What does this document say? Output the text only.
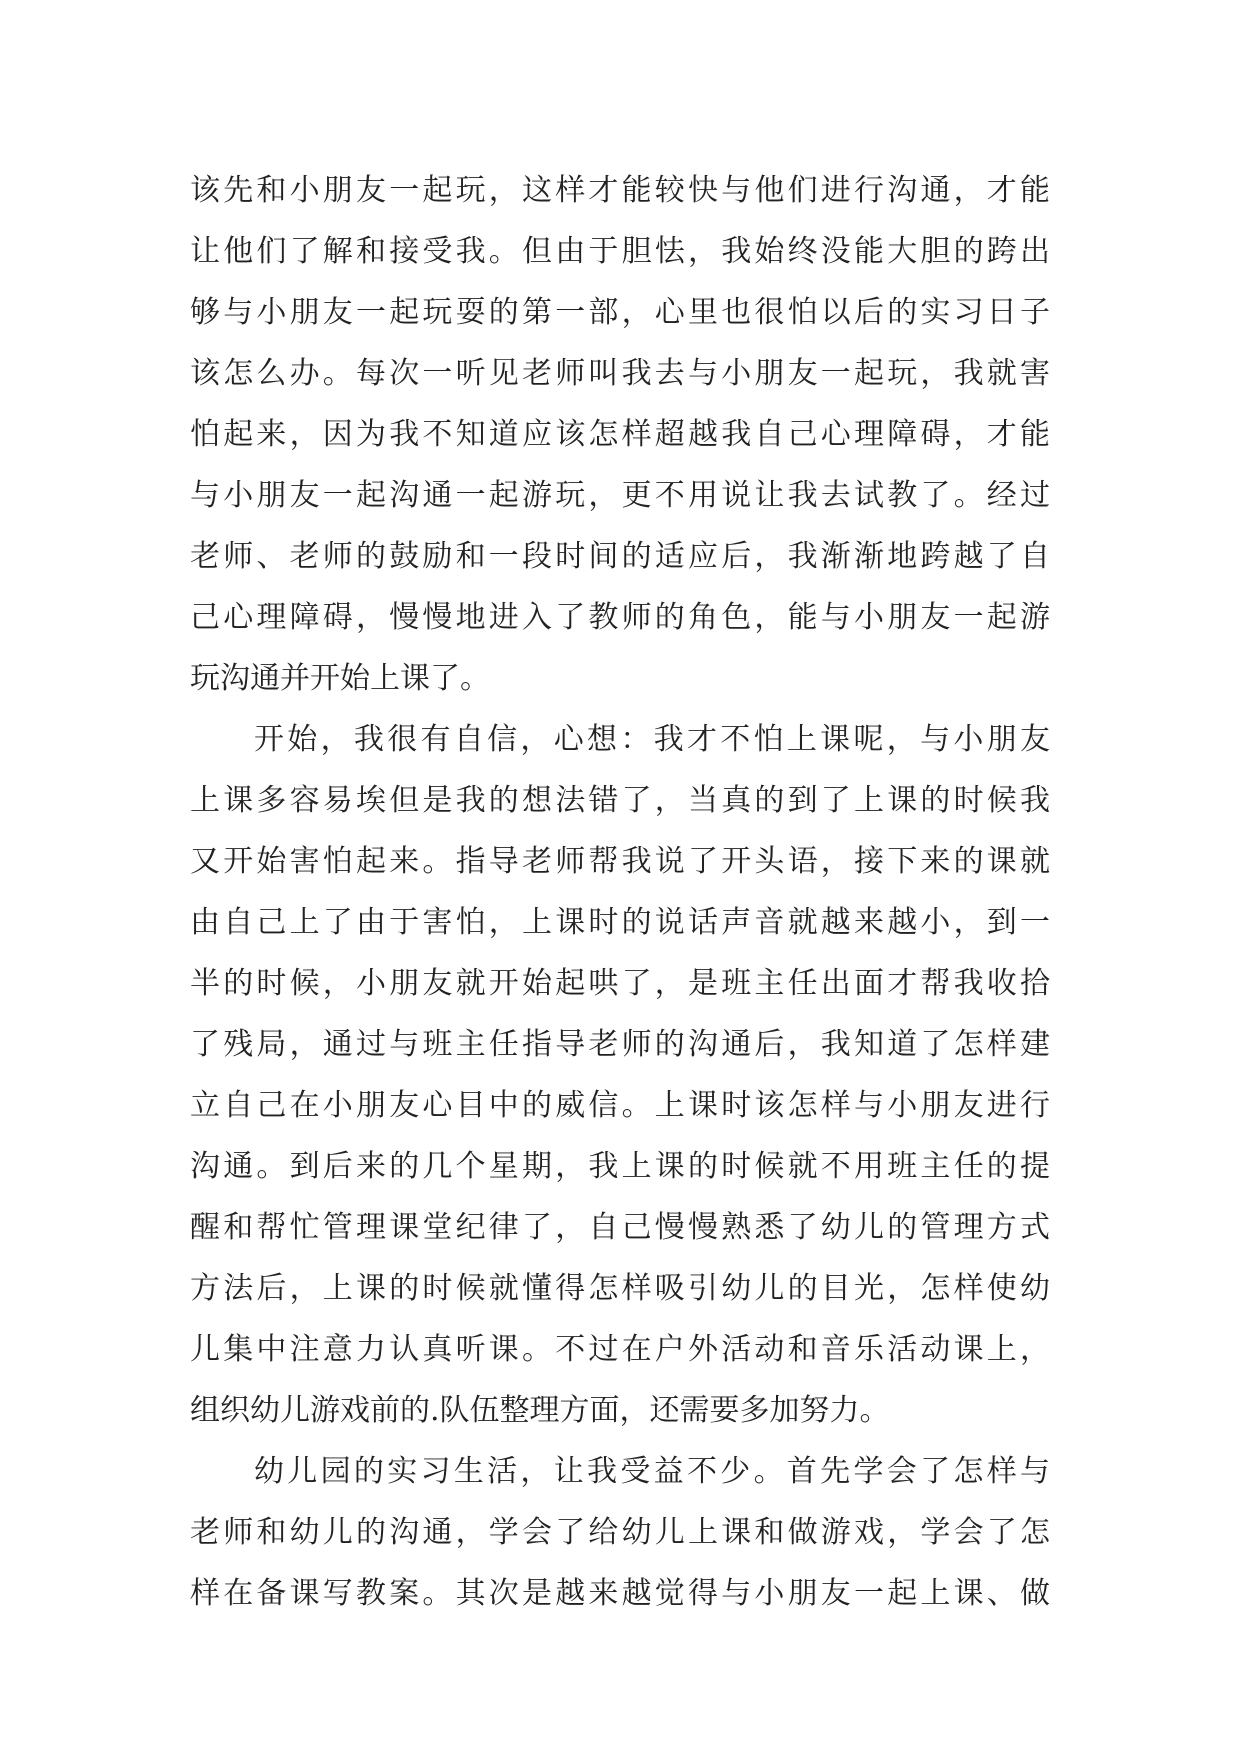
该先和小朋友一起玩，这样才能较快与他们进行沟通，才能
让他们了解和接受我。但由于胆怯，我始终没能大胆的跨出
够与小朋友一起玩耍的第一部，心里也很怕以后的实习日子
该怎么办。每次一听见老师叫我去与小朋友一起玩，我就害
怕起来，因为我不知道应该怎样超越我自己心理障碍，才能
与小朋友一起沟通一起游玩，更不用说让我去试教了。经过
老师、老师的鼓励和一段时间的适应后，我渐渐地跨越了自
己心理障碍，慢慢地进入了教师的角色，能与小朋友一起游
玩沟通并开始上课了。
开始，我很有自信，心想：我才不怕上课呢，与小朋友
上课多容易埃但是我的想法错了，当真的到了上课的时候我
又开始害怕起来。指导老师帮我说了开头语，接下来的课就
由自己上了由于害怕，上课时的说话声音就越来越小，到一
半的时候，小朋友就开始起哄了，是班主任出面才帮我收拾
了残局，通过与班主任指导老师的沟通后，我知道了怎样建
立自己在小朋友心目中的威信。上课时该怎样与小朋友进行
沟通。到后来的几个星期，我上课的时候就不用班主任的提
醒和帮忙管理课堂纪律了，自己慢慢熟悉了幼儿的管理方式
方法后，上课的时候就懂得怎样吸引幼儿的目光，怎样使幼
儿集中注意力认真听课。不过在户外活动和音乐活动课上，
组织幼儿游戏前的.队伍整理方面，还需要多加努力。
幼儿园的实习生活，让我受益不少。首先学会了怎样与
老师和幼儿的沟通，学会了给幼儿上课和做游戏，学会了怎
样在备课写教案。其次是越来越觉得与小朋友一起上课、做
